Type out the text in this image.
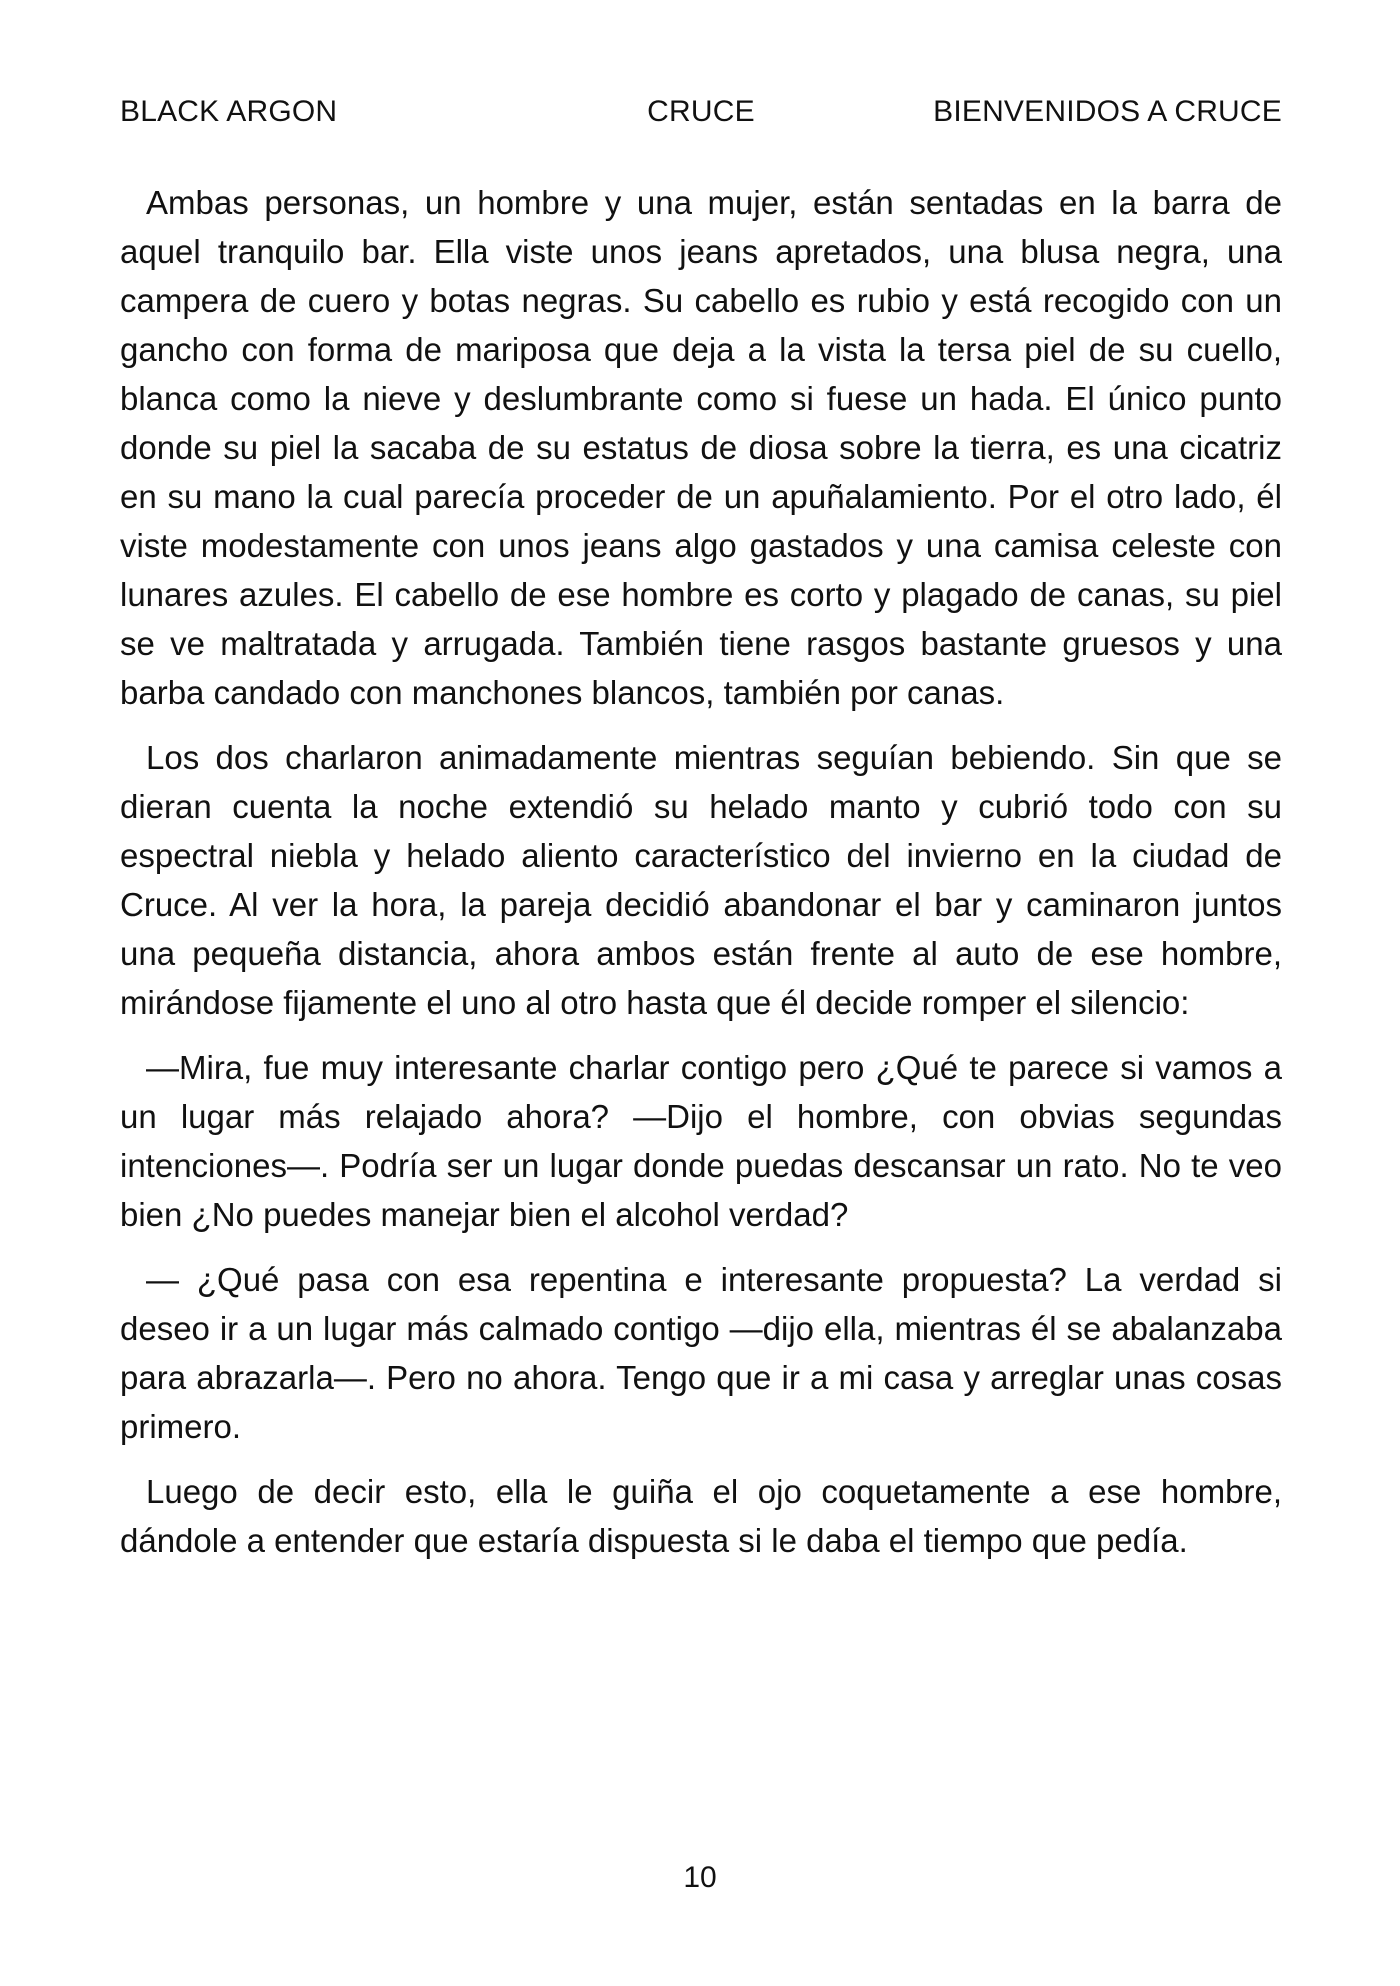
BLACK ARGON	CRUCE	BIENVENIDOS A CRUCE

Ambas personas, un hombre y una mujer, están sentadas en la barra de aquel tranquilo bar. Ella viste unos jeans apretados, una blusa negra, una campera de cuero y botas negras. Su cabello es rubio y está recogido con un gancho con forma de mariposa que deja a la vista la tersa piel de su cuello, blanca como la nieve y deslumbrante como si fuese un hada. El único punto donde su piel la sacaba de su estatus de diosa sobre la tierra, es una cicatriz en su mano la cual parecía proceder de un apuñalamiento. Por el otro lado, él viste modestamente con unos jeans algo gastados y una camisa celeste con lunares azules. El cabello de ese hombre es corto y plagado de canas, su piel se ve maltratada y arrugada. También tiene rasgos bastante gruesos y una barba candado con manchones blancos, también por canas.

Los dos charlaron animadamente mientras seguían bebiendo. Sin que se dieran cuenta la noche extendió su helado manto y cubrió todo con su espectral niebla y helado aliento característico del invierno en la ciudad de Cruce. Al ver la hora, la pareja decidió abandonar el bar y caminaron juntos una pequeña distancia, ahora ambos están frente al auto de ese hombre, mirándose fijamente el uno al otro hasta que él decide romper el silencio:

—Mira, fue muy interesante charlar contigo pero ¿Qué te parece si vamos a un lugar más relajado ahora? —Dijo el hombre, con obvias segundas intenciones—. Podría ser un lugar donde puedas descansar un rato. No te veo bien ¿No puedes manejar bien el alcohol verdad?

— ¿Qué pasa con esa repentina e interesante propuesta? La verdad si deseo ir a un lugar más calmado contigo —dijo ella, mientras él se abalanzaba para abrazarla—. Pero no ahora. Tengo que ir a mi casa y arreglar unas cosas primero.

Luego de decir esto, ella le guiña el ojo coquetamente a ese hombre, dándole a entender que estaría dispuesta si le daba el tiempo que pedía.

10
